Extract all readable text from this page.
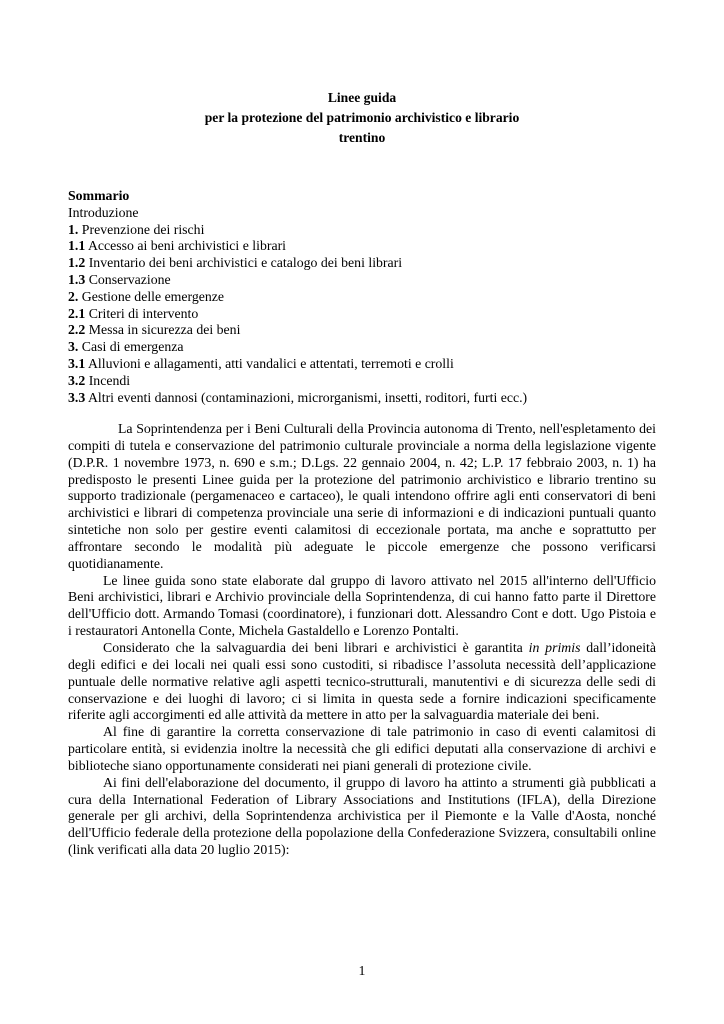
Linee guida
per la protezione del patrimonio archivistico e librario
trentino
Sommario
Introduzione
1. Prevenzione dei rischi
1.1 Accesso ai beni archivistici e librari
1.2 Inventario dei beni archivistici e catalogo dei beni librari
1.3 Conservazione
2. Gestione delle emergenze
2.1 Criteri di intervento
2.2 Messa in sicurezza dei beni
3. Casi di emergenza
3.1 Alluvioni e allagamenti, atti vandalici e attentati, terremoti e crolli
3.2 Incendi
3.3 Altri eventi dannosi (contaminazioni, microrganismi, insetti, roditori, furti ecc.)

La Soprintendenza per i Beni Culturali della Provincia autonoma di Trento, nell'espletamento dei compiti di tutela e conservazione del patrimonio culturale provinciale a norma della legislazione vigente (D.P.R. 1 novembre 1973, n. 690 e s.m.; D.Lgs. 22 gennaio 2004, n. 42; L.P. 17 febbraio 2003, n. 1) ha predisposto le presenti Linee guida per la protezione del patrimonio archivistico e librario trentino su supporto tradizionale (pergamenaceo e cartaceo), le quali intendono offrire agli enti conservatori di beni archivistici e librari di competenza provinciale una serie di informazioni e di indicazioni puntuali quanto sintetiche non solo per gestire eventi calamitosi di eccezionale portata, ma anche e soprattutto per affrontare secondo le modalità più adeguate le piccole emergenze che possono verificarsi quotidianamente.

Le linee guida sono state elaborate dal gruppo di lavoro attivato nel 2015 all'interno dell'Ufficio Beni archivistici, librari e Archivio provinciale della Soprintendenza, di cui hanno fatto parte il Direttore dell'Ufficio dott. Armando Tomasi (coordinatore), i funzionari dott. Alessandro Cont e dott. Ugo Pistoia e i restauratori Antonella Conte, Michela Gastaldello e Lorenzo Pontalti.

Considerato che la salvaguardia dei beni librari e archivistici è garantita in primis dall’idoneità degli edifici e dei locali nei quali essi sono custoditi, si ribadisce l’assoluta necessità dell’applicazione puntuale delle normative relative agli aspetti tecnico-strutturali, manutentivi e di sicurezza delle sedi di conservazione e dei luoghi di lavoro; ci si limita in questa sede a fornire indicazioni specificamente riferite agli accorgimenti ed alle attività da mettere in atto per la salvaguardia materiale dei beni.

Al fine di garantire la corretta conservazione di tale patrimonio in caso di eventi calamitosi di particolare entità, si evidenzia inoltre la necessità che gli edifici deputati alla conservazione di archivi e biblioteche siano opportunamente considerati nei piani generali di protezione civile.

Ai fini dell'elaborazione del documento, il gruppo di lavoro ha attinto a strumenti già pubblicati a cura della International Federation of Library Associations and Institutions (IFLA), della Direzione generale per gli archivi, della Soprintendenza archivistica per il Piemonte e la Valle d'Aosta, nonché dell'Ufficio federale della protezione della popolazione della Confederazione Svizzera, consultabili online (link verificati alla data 20 luglio 2015):

1
